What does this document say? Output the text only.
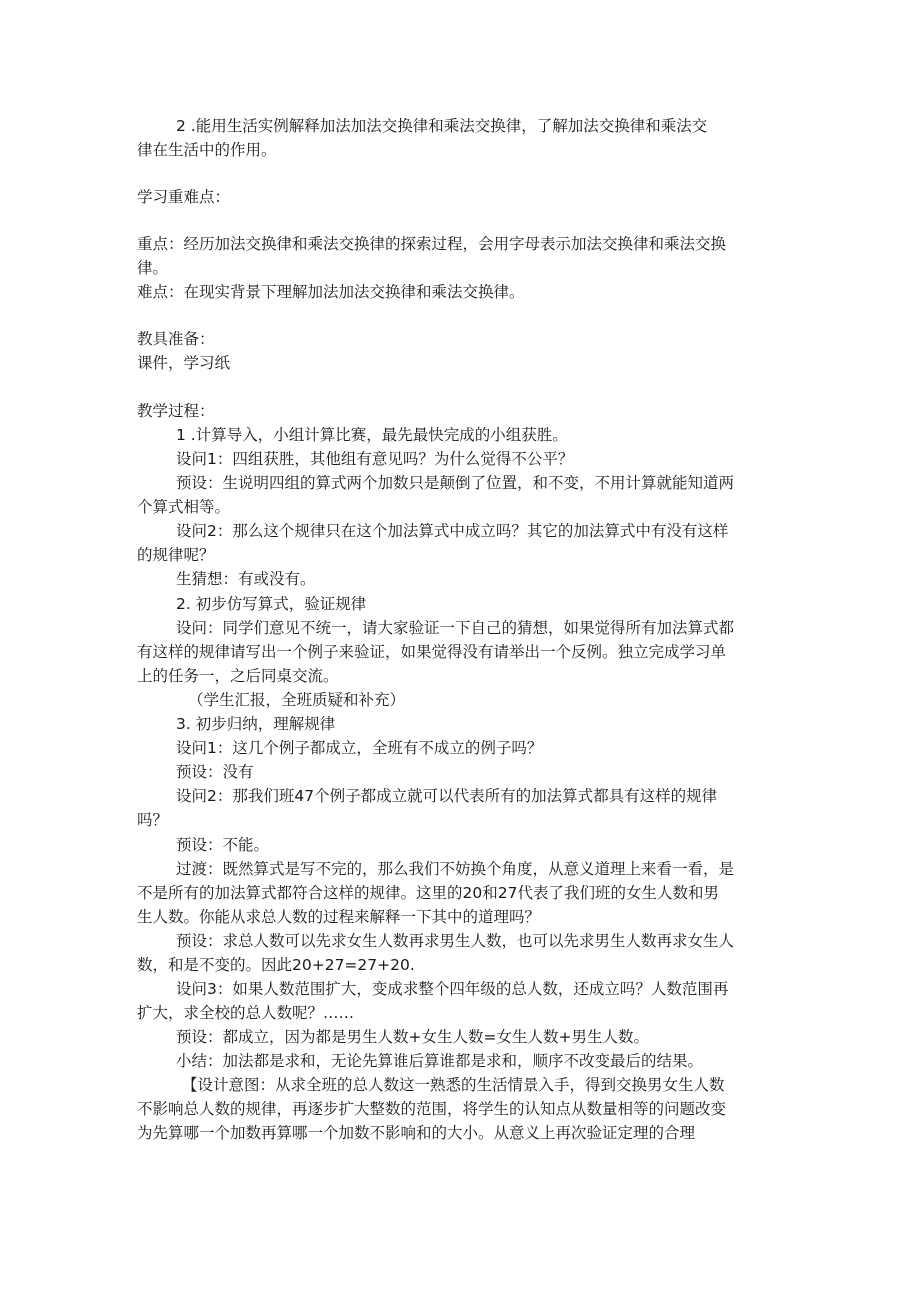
2 .能用生活实例解释加法加法交换律和乘法交换律，了解加法交换律和乘法交
律在生活中的作用。
学习重难点：
重点：经历加法交换律和乘法交换律的探索过程，会用字母表示加法交换律和乘法交换
律。
难点：在现实背景下理解加法加法交换律和乘法交换律。
教具准备：
课件，学习纸
教学过程：
1 .计算导入，小组计算比赛，最先最快完成的小组获胜。
设问1：四组获胜，其他组有意见吗？为什么觉得不公平？
预设：生说明四组的算式两个加数只是颠倒了位置，和不变，不用计算就能知道两
个算式相等。
设问2：那么这个规律只在这个加法算式中成立吗？其它的加法算式中有没有这样
的规律呢？
生猜想：有或没有。
2. 初步仿写算式，验证规律
设问：同学们意见不统一，请大家验证一下自己的猜想，如果觉得所有加法算式都
有这样的规律请写出一个例子来验证，如果觉得没有请举出一个反例。独立完成学习单
上的任务一，之后同桌交流。
（学生汇报，全班质疑和补充）
3. 初步归纳，理解规律
设问1：这几个例子都成立，全班有不成立的例子吗？
预设：没有
设问2：那我们班47个例子都成立就可以代表所有的加法算式都具有这样的规律
吗？
预设：不能。
过渡：既然算式是写不完的，那么我们不妨换个角度，从意义道理上来看一看，是
不是所有的加法算式都符合这样的规律。这里的20和27代表了我们班的女生人数和男
生人数。你能从求总人数的过程来解释一下其中的道理吗？
预设：求总人数可以先求女生人数再求男生人数，也可以先求男生人数再求女生人
数，和是不变的。因此20+27=27+20.
设问3：如果人数范围扩大，变成求整个四年级的总人数，还成立吗？人数范围再
扩大，求全校的总人数呢？……
预设：都成立，因为都是男生人数+女生人数=女生人数+男生人数。
小结：加法都是求和，无论先算谁后算谁都是求和，顺序不改变最后的结果。
【设计意图：从求全班的总人数这一熟悉的生活情景入手，得到交换男女生人数
不影响总人数的规律，再逐步扩大整数的范围，将学生的认知点从数量相等的问题改变
为先算哪一个加数再算哪一个加数不影响和的大小。从意义上再次验证定理的合理
